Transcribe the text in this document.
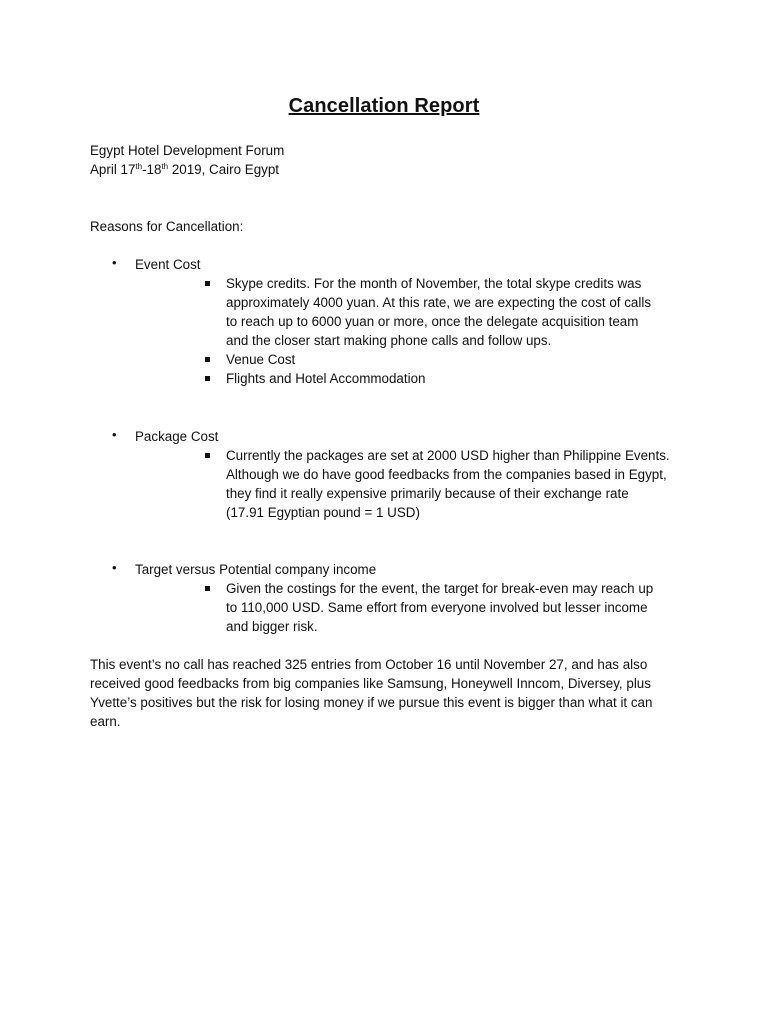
Cancellation Report
Egypt Hotel Development Forum
April 17th-18th 2019, Cairo Egypt
Reasons for Cancellation:
• Event Cost
Skype credits. For the month of November, the total skype credits was
approximately 4000 yuan. At this rate, we are expecting the cost of calls
to reach up to 6000 yuan or more, once the delegate acquisition team
and the closer start making phone calls and follow ups.
Venue Cost
Flights and Hotel Accommodation
• Package Cost
Currently the packages are set at 2000 USD higher than Philippine Events.
Although we do have good feedbacks from the companies based in Egypt,
they find it really expensive primarily because of their exchange rate
(17.91 Egyptian pound = 1 USD)
• Target versus Potential company income
Given the costings for the event, the target for break-even may reach up
to 110,000 USD. Same effort from everyone involved but lesser income
and bigger risk.
This event’s no call has reached 325 entries from October 16 until November 27, and has also
received good feedbacks from big companies like Samsung, Honeywell Inncom, Diversey, plus
Yvette’s positives but the risk for losing money if we pursue this event is bigger than what it can
earn.
